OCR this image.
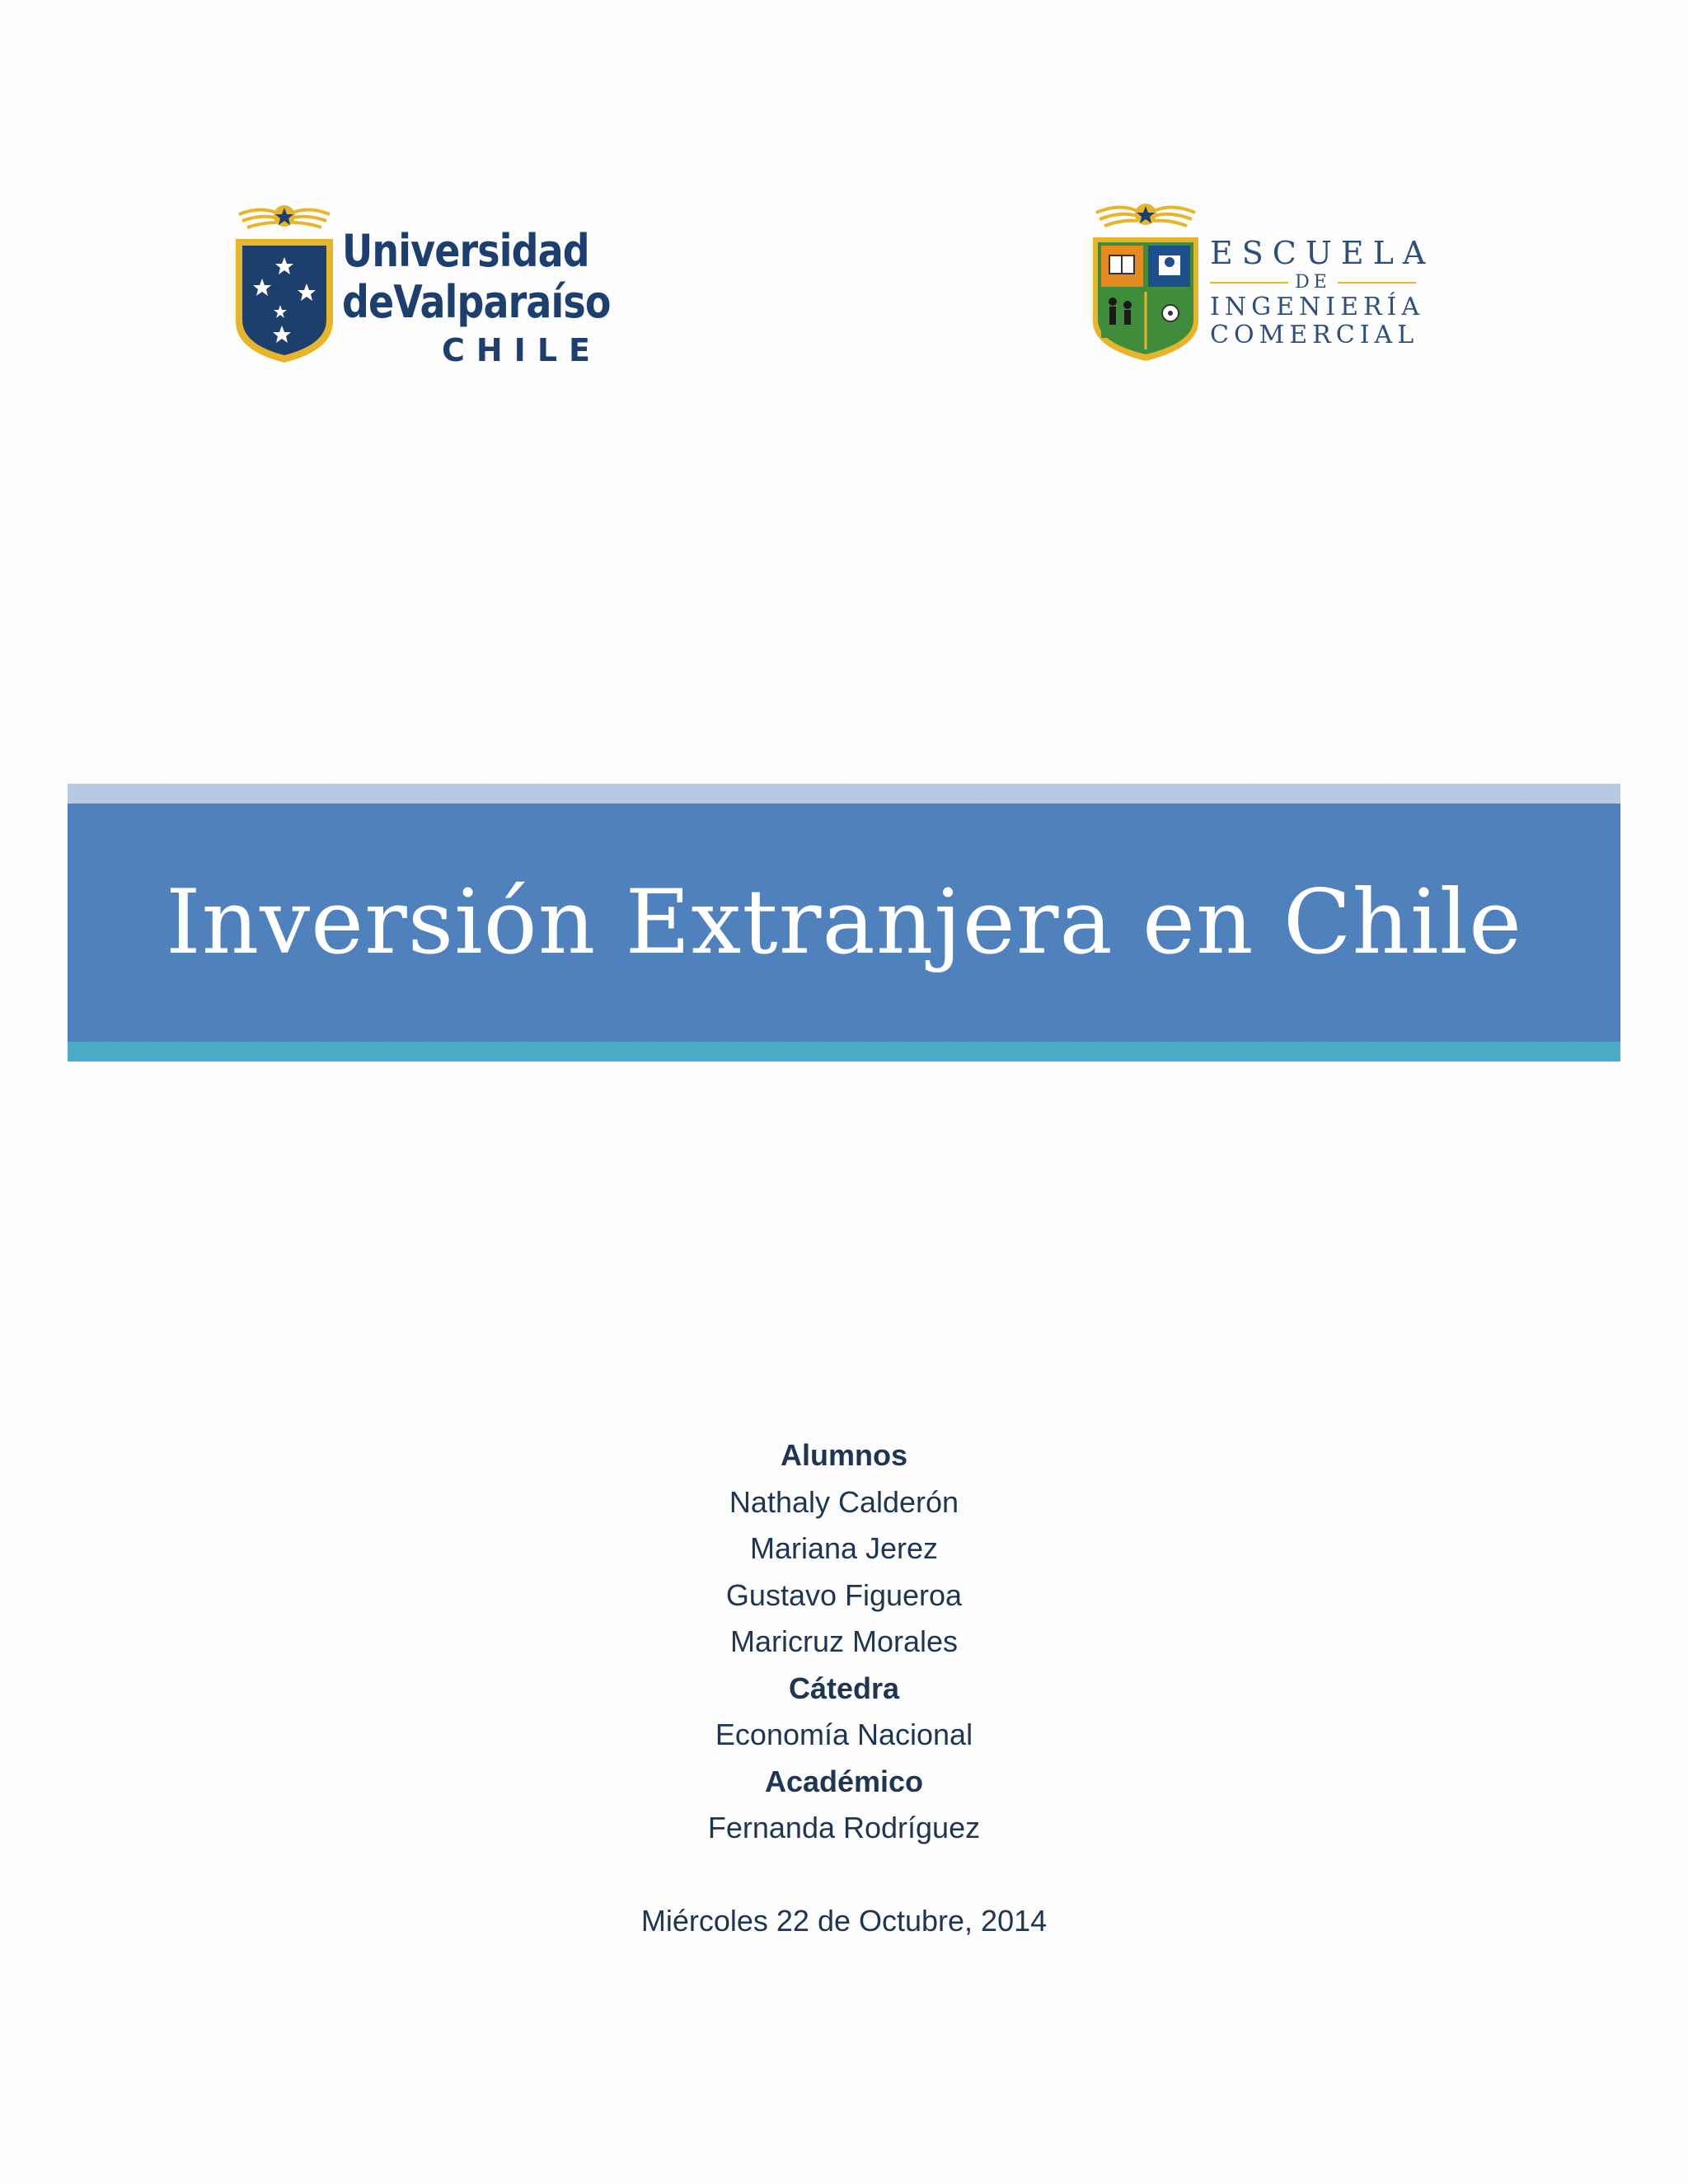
Universidad
deValparaíso
CHILE
ESCUELA
DE
INGENIERÍA
COMERCIAL
Inversión Extranjera en Chile
Alumnos
Nathaly Calderón
Mariana Jerez
Gustavo Figueroa
Maricruz Morales
Cátedra
Economía Nacional
Académico
Fernanda Rodríguez
Miércoles 22 de Octubre, 2014
